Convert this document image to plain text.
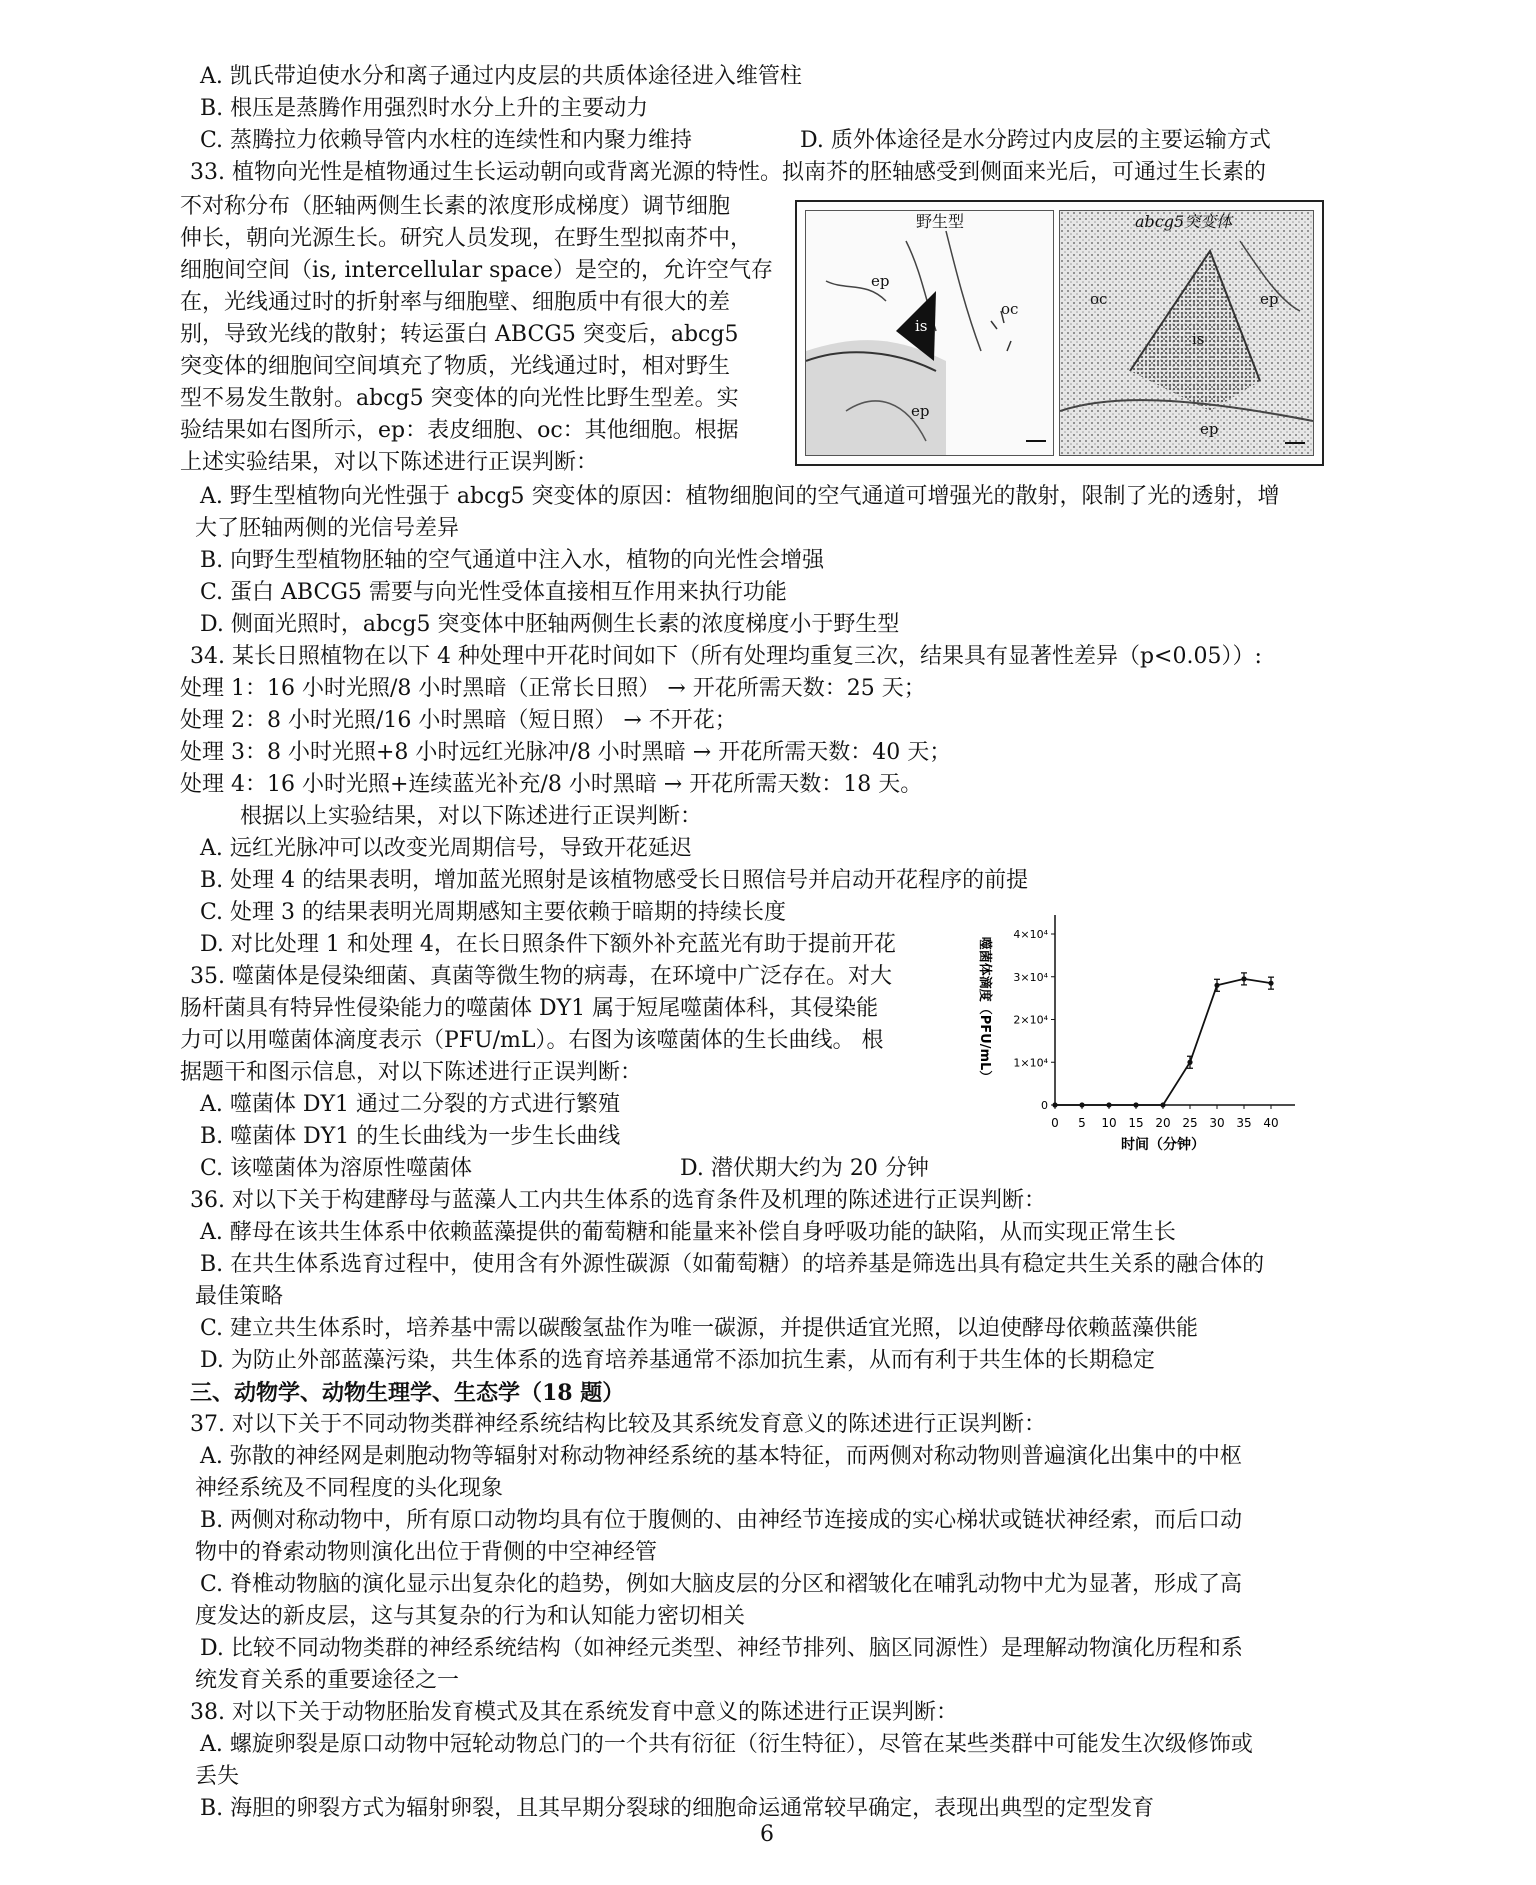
A. 凯氏带迫使水分和离子通过内皮层的共质体途径进入维管柱
B. 根压是蒸腾作用强烈时水分上升的主要动力
C. 蒸腾拉力依赖导管内水柱的连续性和内聚力维持	D. 质外体途径是水分跨过内皮层的主要运输方式
33. 植物向光性是植物通过生长运动朝向或背离光源的特性。拟南芥的胚轴感受到侧面来光后，可通过生长素的
不对称分布（胚轴两侧生长素的浓度形成梯度）调节细胞
伸长，朝向光源生长。研究人员发现，在野生型拟南芥中，
细胞间空间（is, intercellular space）是空的，允许空气存
在，光线通过时的折射率与细胞壁、细胞质中有很大的差
别，导致光线的散射；转运蛋白 ABCG5 突变后，abcg5
突变体的细胞间空间填充了物质，光线通过时，相对野生
型不易发生散射。abcg5 突变体的向光性比野生型差。实
验结果如右图所示，ep：表皮细胞、oc：其他细胞。根据
上述实验结果，对以下陈述进行正误判断：
野生型
ep
is
oc
ep
abcg5突变体
oc
is
ep
ep
A. 野生型植物向光性强于 abcg5 突变体的原因：植物细胞间的空气通道可增强光的散射，限制了光的透射，增
大了胚轴两侧的光信号差异
B. 向野生型植物胚轴的空气通道中注入水，植物的向光性会增强
C. 蛋白 ABCG5 需要与向光性受体直接相互作用来执行功能
D. 侧面光照时，abcg5 突变体中胚轴两侧生长素的浓度梯度小于野生型
34. 某长日照植物在以下 4 种处理中开花时间如下（所有处理均重复三次，结果具有显著性差异（p<0.05））:
处理 1：16 小时光照/8 小时黑暗（正常长日照） → 开花所需天数：25 天；
处理 2：8 小时光照/16 小时黑暗（短日照） → 不开花；
处理 3：8 小时光照+8 小时远红光脉冲/8 小时黑暗 → 开花所需天数：40 天；
处理 4：16 小时光照+连续蓝光补充/8 小时黑暗 → 开花所需天数：18 天。
根据以上实验结果，对以下陈述进行正误判断：
A. 远红光脉冲可以改变光周期信号，导致开花延迟
B. 处理 4 的结果表明，增加蓝光照射是该植物感受长日照信号并启动开花程序的前提
C. 处理 3 的结果表明光周期感知主要依赖于暗期的持续长度
D. 对比处理 1 和处理 4，在长日照条件下额外补充蓝光有助于提前开花
35. 噬菌体是侵染细菌、真菌等微生物的病毒，在环境中广泛存在。对大
肠杆菌具有特异性侵染能力的噬菌体 DY1 属于短尾噬菌体科，其侵染能
力可以用噬菌体滴度表示（PFU/mL）。右图为该噬菌体的生长曲线。 根
据题干和图示信息，对以下陈述进行正误判断：
A. 噬菌体 DY1 通过二分裂的方式进行繁殖
B. 噬菌体 DY1 的生长曲线为一步生长曲线
C. 该噬菌体为溶原性噬菌体	D. 潜伏期大约为 20 分钟
0 5 10 15 20 25 30 35 40
0
1×10⁴
2×10⁴
3×10⁴
4×10⁴
时间（分钟）
噬菌体滴度（PFU/mL）
36. 对以下关于构建酵母与蓝藻人工内共生体系的选育条件及机理的陈述进行正误判断：
A. 酵母在该共生体系中依赖蓝藻提供的葡萄糖和能量来补偿自身呼吸功能的缺陷，从而实现正常生长
B. 在共生体系选育过程中，使用含有外源性碳源（如葡萄糖）的培养基是筛选出具有稳定共生关系的融合体的
最佳策略
C. 建立共生体系时，培养基中需以碳酸氢盐作为唯一碳源，并提供适宜光照，以迫使酵母依赖蓝藻供能
D. 为防止外部蓝藻污染，共生体系的选育培养基通常不添加抗生素，从而有利于共生体的长期稳定
三、动物学、动物生理学、生态学（18 题）
37. 对以下关于不同动物类群神经系统结构比较及其系统发育意义的陈述进行正误判断：
A. 弥散的神经网是刺胞动物等辐射对称动物神经系统的基本特征，而两侧对称动物则普遍演化出集中的中枢
神经系统及不同程度的头化现象
B. 两侧对称动物中，所有原口动物均具有位于腹侧的、由神经节连接成的实心梯状或链状神经索，而后口动
物中的脊索动物则演化出位于背侧的中空神经管
C. 脊椎动物脑的演化显示出复杂化的趋势，例如大脑皮层的分区和褶皱化在哺乳动物中尤为显著，形成了高
度发达的新皮层，这与其复杂的行为和认知能力密切相关
D. 比较不同动物类群的神经系统结构（如神经元类型、神经节排列、脑区同源性）是理解动物演化历程和系
统发育关系的重要途径之一
38. 对以下关于动物胚胎发育模式及其在系统发育中意义的陈述进行正误判断：
A. 螺旋卵裂是原口动物中冠轮动物总门的一个共有衍征（衍生特征），尽管在某些类群中可能发生次级修饰或
丢失
B. 海胆的卵裂方式为辐射卵裂，且其早期分裂球的细胞命运通常较早确定，表现出典型的定型发育
6
